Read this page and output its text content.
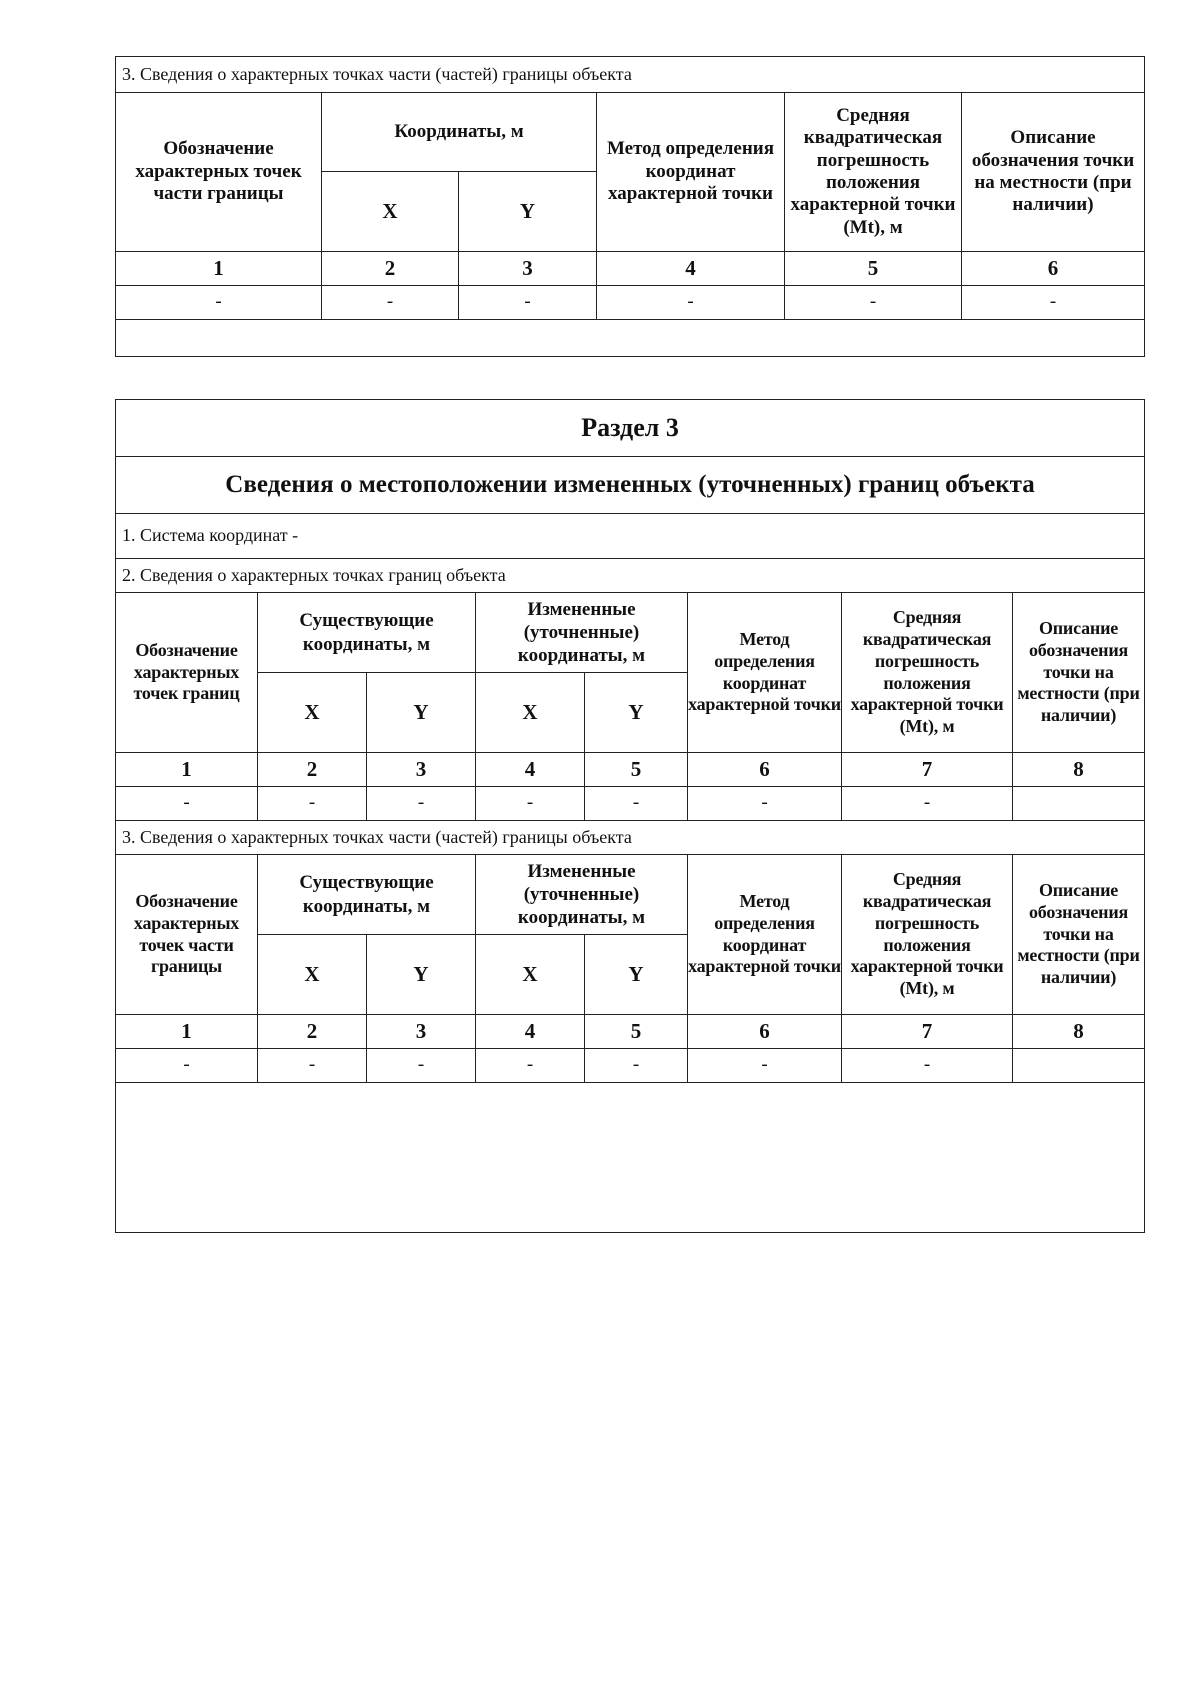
3. Сведения о характерных точках части (частей) границы объекта					
Обозначение характерных точек части границы	Координаты, м		Метод определения координат характерной точки	Средняя квадратическая погрешность положения характерной точки (Mt), м	Описание обозначения точки на местности (при наличии)
	X	Y			
1	2	3	4	5	6
-	-	-	-	-	-

Раздел 3							
Сведения о местоположении измененных (уточненных) границ объекта							
1. Система координат -							
2. Сведения о характерных точках границ объекта							
Обозначение характерных точек границ	Существующие координаты, м		Измененные (уточненные) координаты, м		Метод определения координат характерной точки	Средняя квадратическая погрешность положения характерной точки (Mt), м	Описание обозначения точки на местности (при наличии)
	X	Y	X	Y			
1	2	3	4	5	6	7	8
-	-	-	-	-	-	-	
3. Сведения о характерных точках части (частей) границы объекта							
Обозначение характерных точек части границы	Существующие координаты, м		Измененные (уточненные) координаты, м		Метод определения координат характерной точки	Средняя квадратическая погрешность положения характерной точки (Mt), м	Описание обозначения точки на местности (при наличии)
	X	Y	X	Y			
1	2	3	4	5	6	7	8
-	-	-	-	-	-	-	
